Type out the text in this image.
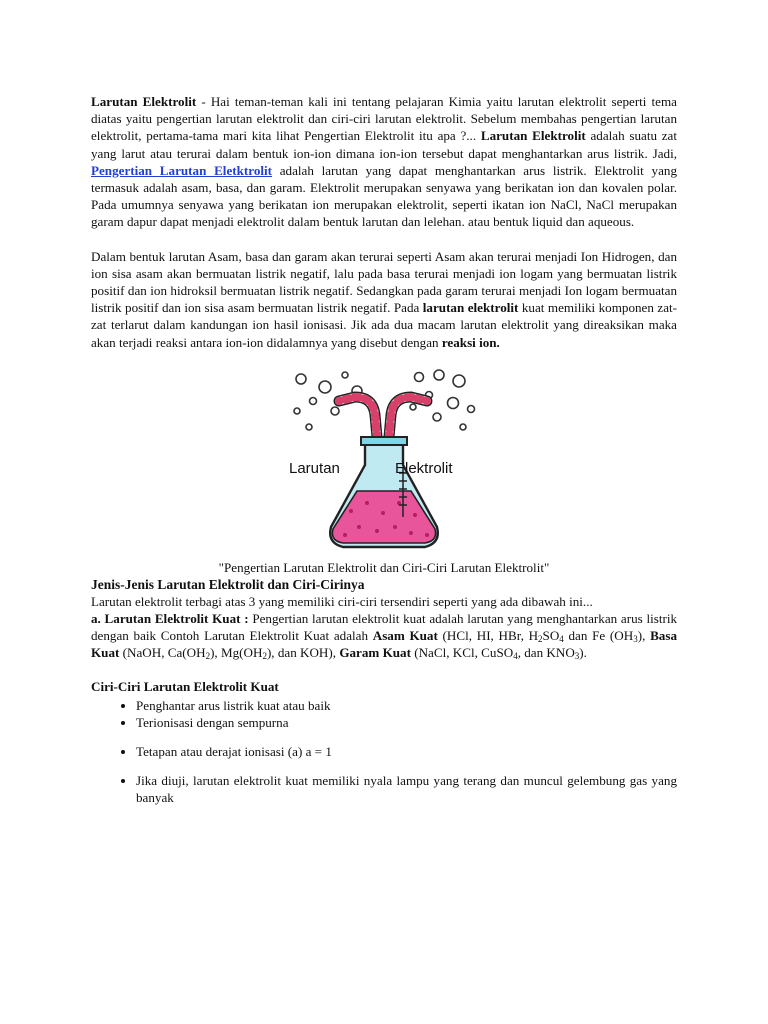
Larutan Elektrolit - Hai teman-teman kali ini tentang pelajaran Kimia yaitu larutan elektrolit seperti tema diatas yaitu pengertian larutan elektrolit dan ciri-ciri larutan elektrolit. Sebelum membahas pengertian larutan elektrolit, pertama-tama mari kita lihat Pengertian Elektrolit itu apa ?... Larutan Elektrolit adalah suatu zat yang larut atau terurai dalam bentuk ion-ion dimana ion-ion tersebut dapat menghantarkan arus listrik. Jadi, Pengertian Larutan Eletktrolit adalah larutan yang dapat menghantarkan arus listrik. Elektrolit yang termasuk adalah asam, basa, dan garam. Elektrolit merupakan senyawa yang berikatan ion dan kovalen polar. Pada umumnya senyawa yang berikatan ion merupakan elektrolit, seperti ikatan ion NaCl, NaCl merupakan garam dapur dapat menjadi elektrolit dalam bentuk larutan dan lelehan. atau bentuk liquid dan aqueous.

Dalam bentuk larutan Asam, basa dan garam akan terurai seperti Asam akan terurai menjadi Ion Hidrogen, dan ion sisa asam akan bermuatan listrik negatif, lalu pada basa terurai menjadi ion logam yang bermuatan listrik positif dan ion hidroksil bermuatan listrik negatif. Sedangkan pada garam terurai menjadi Ion logam bermuatan listrik positif dan ion sisa asam bermuatan listrik negatif. Pada larutan elektrolit kuat memiliki komponen zat-zat terlarut dalam kandungan ion hasil ionisasi. Jik ada dua macam larutan elektrolit yang direaksikan maka akan terjadi reaksi antara ion-ion didalamnya yang disebut dengan reaksi ion.

Larutan	Elektrolit
"Pengertian Larutan Elektrolit dan Ciri-Ciri Larutan Elektrolit"
Jenis-Jenis Larutan Elektrolit dan Ciri-Cirinya
Larutan elektrolit terbagi atas 3 yang memiliki ciri-ciri tersendiri seperti yang ada dibawah ini...

a. Larutan Elektrolit Kuat : Pengertian larutan elektrolit kuat adalah larutan yang menghantarkan arus listrik dengan baik Contoh Larutan Elektrolit Kuat adalah Asam Kuat (HCl, HI, HBr, $H_2SO_4$ dan Fe $(OH_3)$, Basa Kuat (NaOH, $Ca(OH_2)$, $Mg(OH_2)$, dan KOH), Garam Kuat (NaCl, KCl, CuSO$_4$, dan $KNO_3$).

Ciri-Ciri Larutan Elektrolit Kuat
• Penghantar arus listrik kuat atau baik
• Terionisasi dengan sempurna
• Tetapan atau derajat ionisasi (a) a = 1
• Jika diuji, larutan elektrolit kuat memiliki nyala lampu yang terang dan muncul gelembung gas yang banyak
